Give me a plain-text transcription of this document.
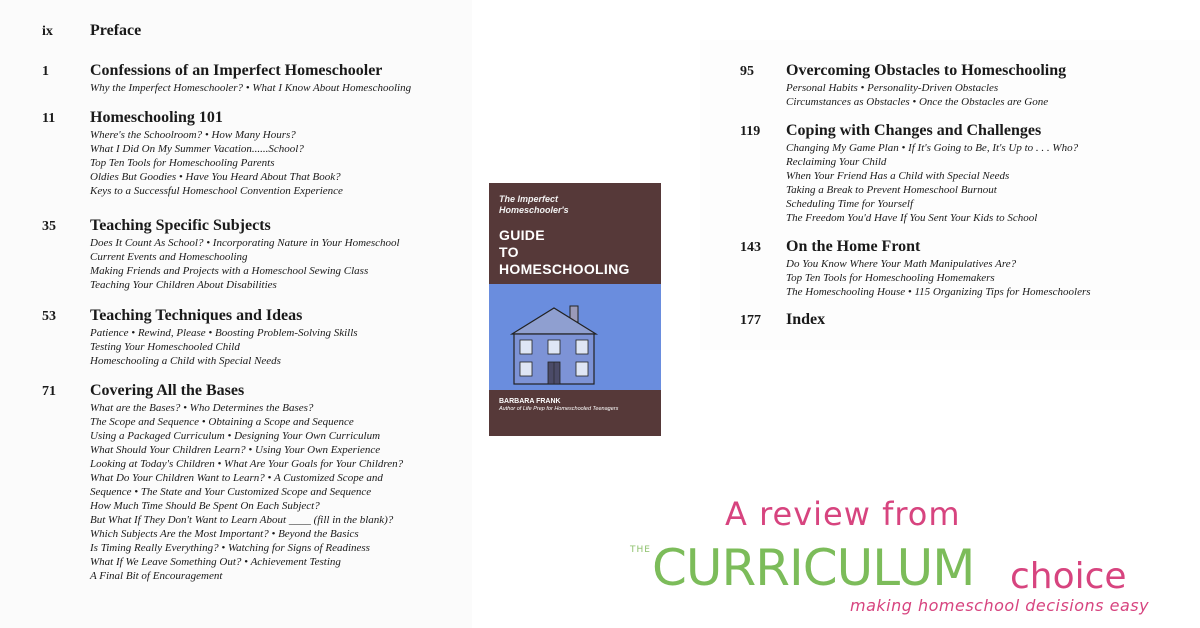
ix Preface
1	Confessions of an Imperfect Homeschooler
Why the Imperfect Homeschooler? • What I Know About Homeschooling
11 Homeschooling 101
Where's the Schoolroom? • How Many Hours?
What I Did On My Summer Vacation......School?
Top Ten Tools for Homeschooling Parents
Oldies But Goodies • Have You Heard About That Book?
Keys to a Successful Homeschool Convention Experience
35 Teaching Specific Subjects
Does It Count As School? • Incorporating Nature in Your Homeschool
Current Events and Homeschooling
Making Friends and Projects with a Homeschool Sewing Class
Teaching Your Children About Disabilities
53 Teaching Techniques and Ideas
Patience • Rewind, Please • Boosting Problem-Solving Skills
Testing Your Homeschooled Child
Homeschooling a Child with Special Needs
71 Covering All the Bases
What are the Bases? • Who Determines the Bases?
The Scope and Sequence • Obtaining a Scope and Sequence
Using a Packaged Curriculum • Designing Your Own Curriculum
What Should Your Children Learn? • Using Your Own Experience
Looking at Today's Children • What Are Your Goals for Your Children?
What Do Your Children Want to Learn? • A Customized Scope and
Sequence • The State and Your Customized Scope and Sequence
How Much Time Should Be Spent On Each Subject?
But What If They Don't Want to Learn About ____ (fill in the blank)?
Which Subjects Are the Most Important? • Beyond the Basics
Is Timing Really Everything? • Watching for Signs of Readiness
What If We Leave Something Out? • Achievement Testing
A Final Bit of Encouragement
95 Overcoming Obstacles to Homeschooling
Personal Habits • Personality-Driven Obstacles
Circumstances as Obstacles • Once the Obstacles are Gone
119 Coping with Changes and Challenges
Changing My Game Plan • If It's Going to Be, It's Up to . . . Who?
Reclaiming Your Child
When Your Friend Has a Child with Special Needs
Taking a Break to Prevent Homeschool Burnout
Scheduling Time for Yourself
The Freedom You'd Have If You Sent Your Kids to School
143 On the Home Front
Do You Know Where Your Math Manipulatives Are?
Top Ten Tools for Homeschooling Homemakers
The Homeschooling House • 115 Organizing Tips for Homeschoolers
177 Index
The Imperfect
Homeschooler's
GUIDE
TO
HOMESCHOOLING
BARBARA FRANK
Author of Life Prep for Homeschooled Teenagers
A review from
THE CURRICULUM choice
making homeschool decisions easy
